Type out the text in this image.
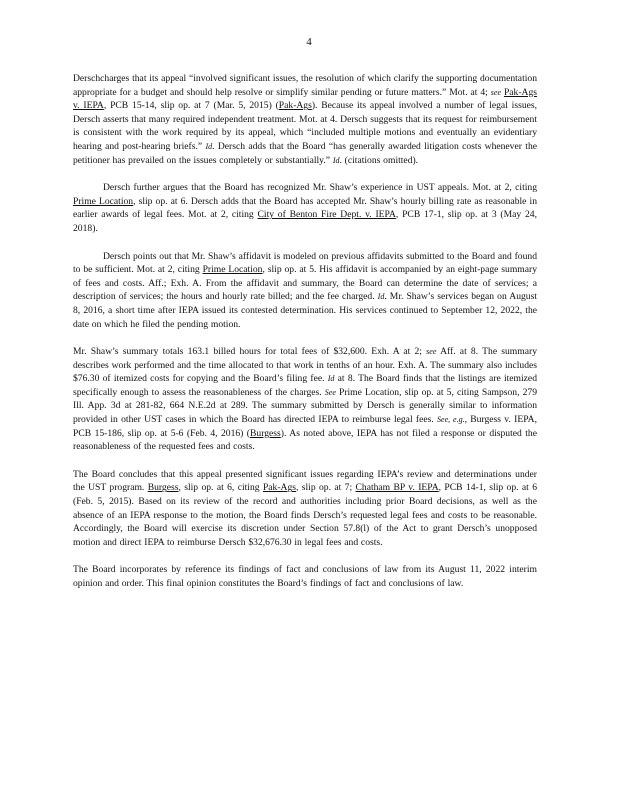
4

Derschcharges that its appeal “involved significant issues, the resolution of which clarify the supporting documentation appropriate for a budget and should help resolve or simplify similar pending or future matters.” Mot. at 4; see Pak-Ags v. IEPA, PCB 15-14, slip op. at 7 (Mar. 5, 2015) (Pak-Ags). Because its appeal involved a number of legal issues, Dersch asserts that many required independent treatment. Mot. at 4. Dersch suggests that its request for reimbursement is consistent with the work required by its appeal, which “included multiple motions and eventually an evidentiary hearing and post-hearing briefs.” Id. Dersch adds that the Board “has generally awarded litigation costs whenever the petitioner has prevailed on the issues completely or substantially.” Id. (citations omitted).

Dersch further argues that the Board has recognized Mr. Shaw’s experience in UST appeals. Mot. at 2, citing Prime Location, slip op. at 6. Dersch adds that the Board has accepted Mr. Shaw’s hourly billing rate as reasonable in earlier awards of legal fees. Mot. at 2, citing City of Benton Fire Dept. v. IEPA, PCB 17-1, slip op. at 3 (May 24, 2018).

Dersch points out that Mr. Shaw’s affidavit is modeled on previous affidavits submitted to the Board and found to be sufficient. Mot. at 2, citing Prime Location, slip op. at 5. His affidavit is accompanied by an eight-page summary of fees and costs. Aff.; Exh. A. From the affidavit and summary, the Board can determine the date of services; a description of services; the hours and hourly rate billed; and the fee charged. Id. Mr. Shaw’s services began on August 8, 2016, a short time after IEPA issued its contested determination. His services continued to September 12, 2022, the date on which he filed the pending motion.

Mr. Shaw’s summary totals 163.1 billed hours for total fees of $32,600. Exh. A at 2; see Aff. at 8. The summary describes work performed and the time allocated to that work in tenths of an hour. Exh. A. The summary also includes $76.30 of itemized costs for copying and the Board’s filing fee. Id at 8. The Board finds that the listings are itemized specifically enough to assess the reasonableness of the charges. See Prime Location, slip op. at 5, citing Sampson, 279 Ill. App. 3d at 281-82, 664 N.E.2d at 289. The summary submitted by Dersch is generally similar to information provided in other UST cases in which the Board has directed IEPA to reimburse legal fees. See, e.g., Burgess v. IEPA, PCB 15-186, slip op. at 5-6 (Feb. 4, 2016) (Burgess). As noted above, IEPA has not filed a response or disputed the reasonableness of the requested fees and costs.

The Board concludes that this appeal presented significant issues regarding IEPA’s review and determinations under the UST program. Burgess, slip op. at 6, citing Pak-Ags, slip op. at 7; Chatham BP v. IEPA, PCB 14-1, slip op. at 6 (Feb. 5, 2015). Based on its review of the record and authorities including prior Board decisions, as well as the absence of an IEPA response to the motion, the Board finds Dersch’s requested legal fees and costs to be reasonable. Accordingly, the Board will exercise its discretion under Section 57.8(l) of the Act to grant Dersch’s unopposed motion and direct IEPA to reimburse Dersch $32,676.30 in legal fees and costs.

The Board incorporates by reference its findings of fact and conclusions of law from its August 11, 2022 interim opinion and order. This final opinion constitutes the Board’s findings of fact and conclusions of law.
